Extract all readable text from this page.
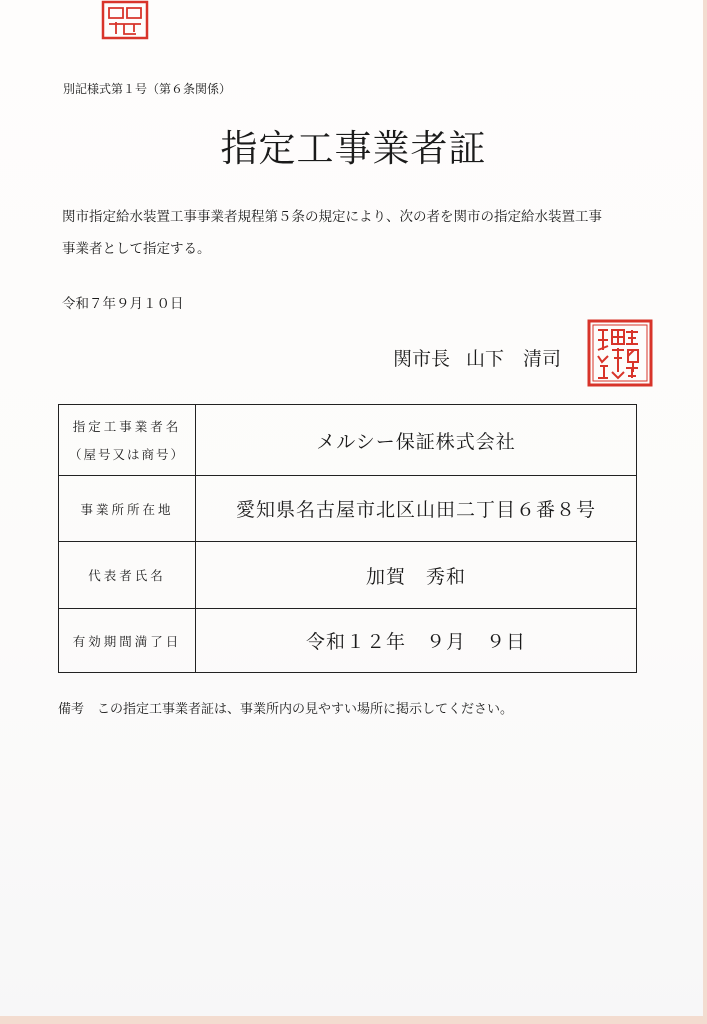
別記様式第１号（第６条関係）
指定工事業者証
関市指定給水装置工事事業者規程第５条の規定により、次の者を関市の指定給水装置工事
事業者として指定する。
令和７年９月１０日
関市長 山下　清司
指定工事業者名
（屋号又は商号）	メルシー保証株式会社
事業所所在地	愛知県名古屋市北区山田二丁目６番８号
代表者氏名	加賀　秀和
有効期間満了日	令和１２年　９月　９日
備考　この指定工事業者証は、事業所内の見やすい場所に掲示してください。
